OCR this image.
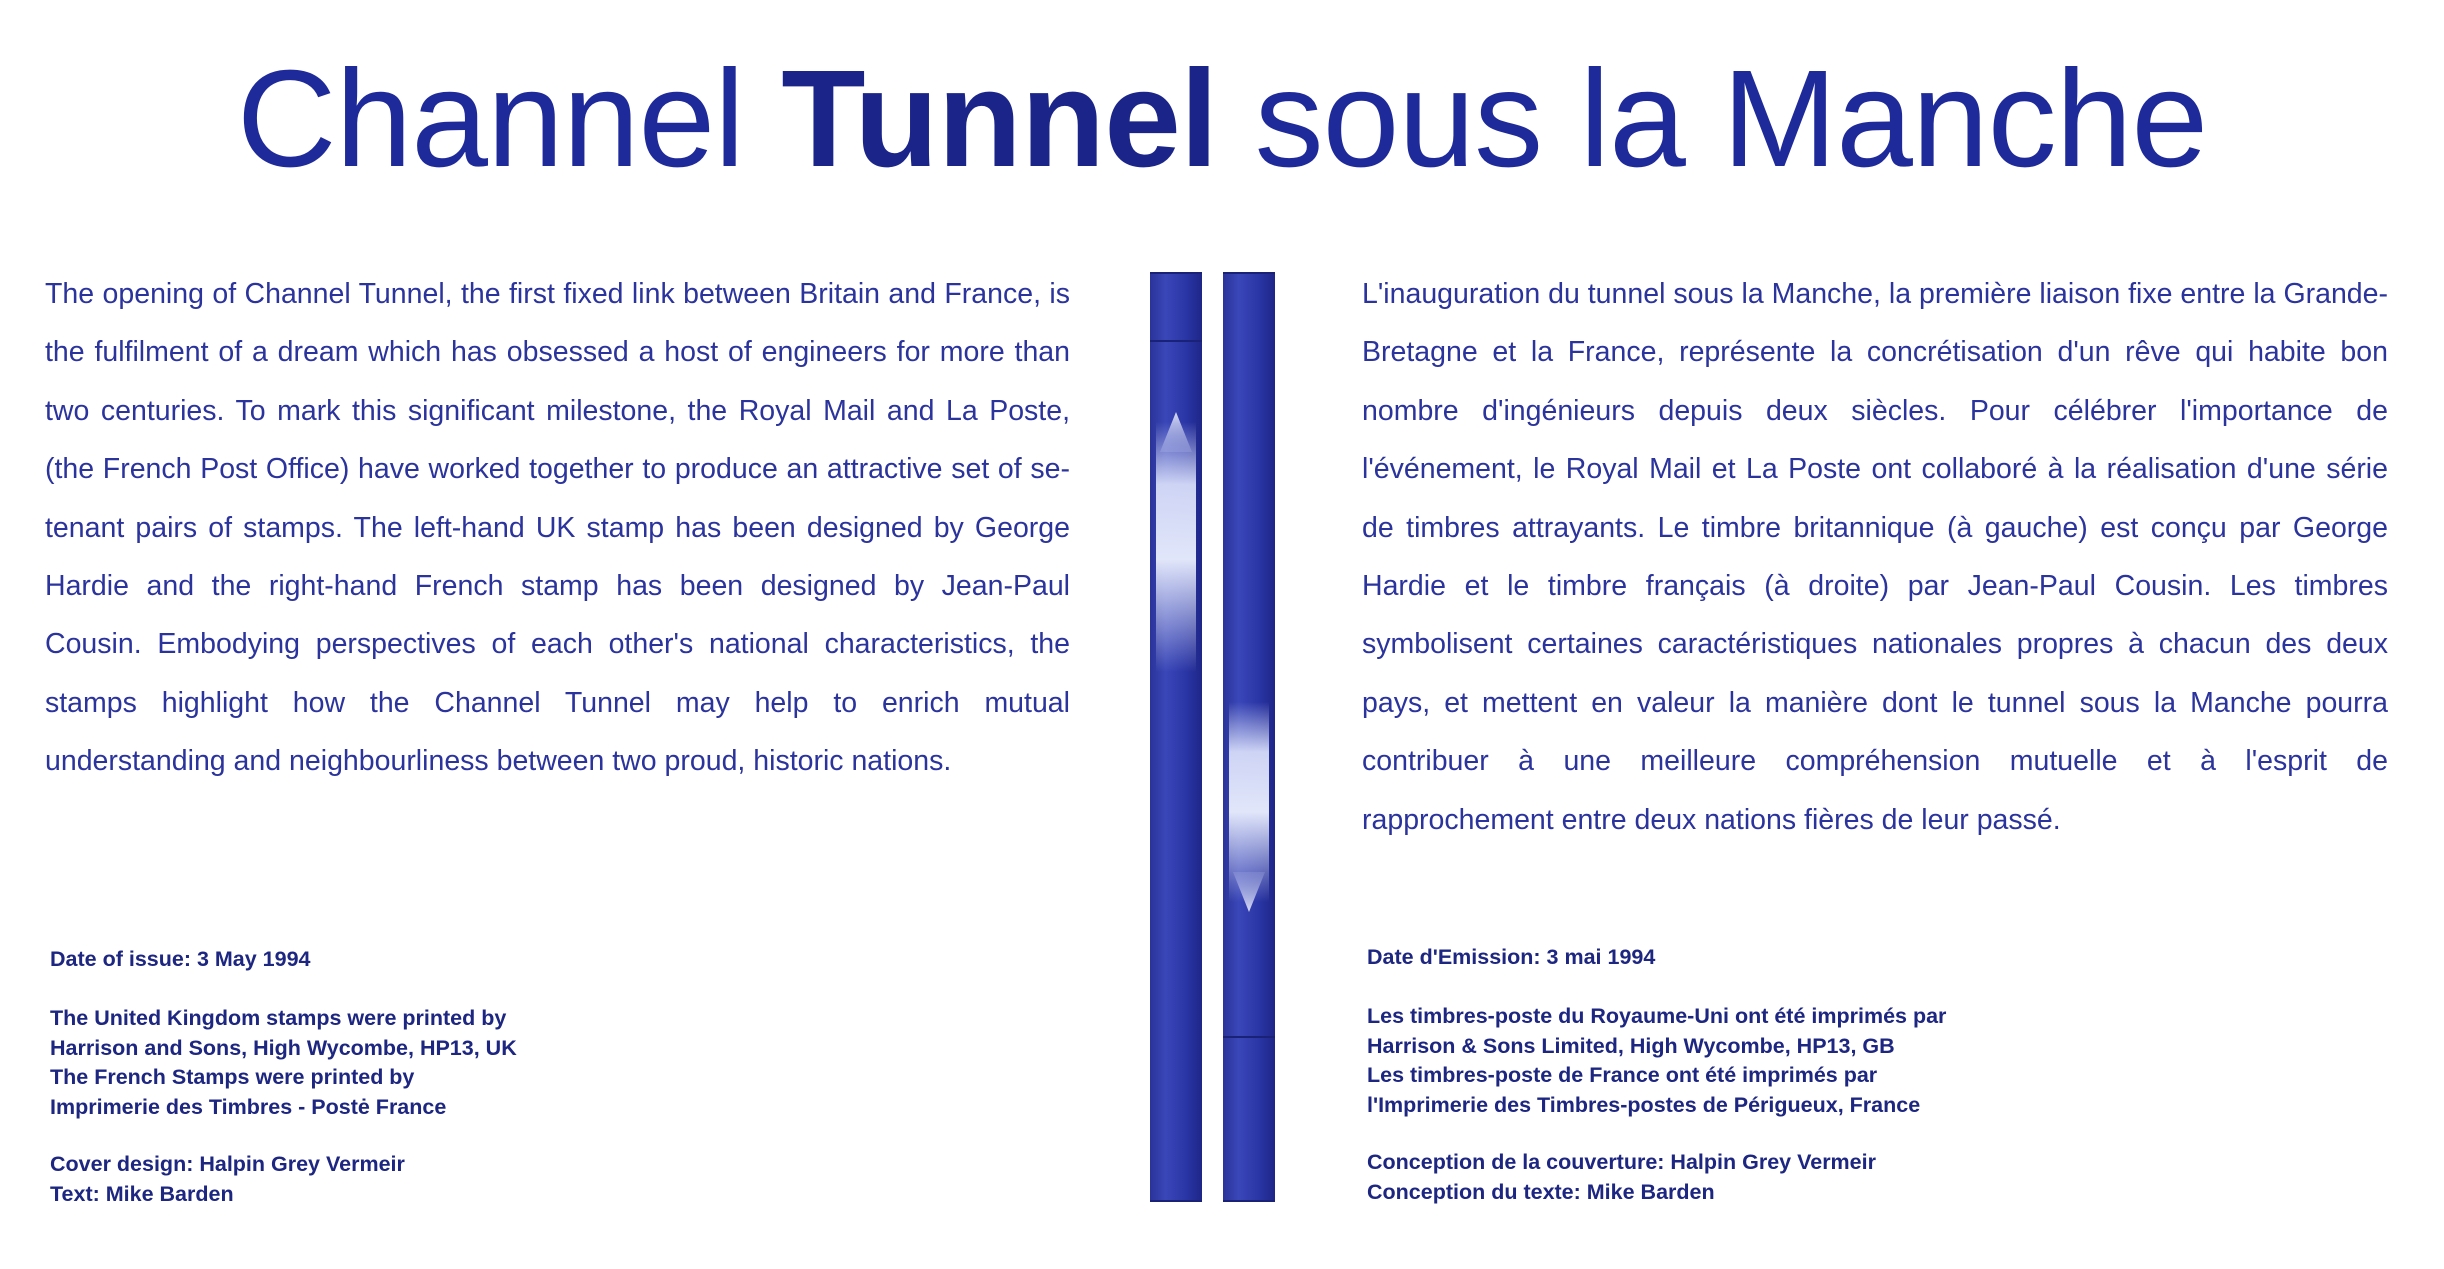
Channel Tunnel sous la Manche

The opening of Channel Tunnel, the first fixed link between Britain and France, is the fulfilment of a dream which has obsessed a host of engineers for more than two centuries. To mark this significant milestone, the Royal Mail and La Poste, (the French Post Office) have worked together to produce an attractive set of se-tenant pairs of stamps. The left-hand UK stamp has been designed by George Hardie and the right-hand French stamp has been designed by Jean-Paul Cousin. Embodying perspectives of each other's national characteristics, the stamps highlight how the Channel Tunnel may help to enrich mutual understanding and neighbourliness between two proud, historic nations.

L'inauguration du tunnel sous la Manche, la première liaison fixe entre la Grande-Bretagne et la France, représente la concrétisation d'un rêve qui habite bon nombre d'ingénieurs depuis deux siècles. Pour célébrer l'importance de l'événement, le Royal Mail et La Poste ont collaboré à la réalisation d'une série de timbres attrayants. Le timbre britannique (à gauche) est conçu par George Hardie et le timbre français (à droite) par Jean-Paul Cousin. Les timbres symbolisent certaines caractéristiques nationales propres à chacun des deux pays, et mettent en valeur la manière dont le tunnel sous la Manche pourra contribuer à une meilleure compréhension mutuelle et à l'esprit de rapprochement entre deux nations fières de leur passé.

Date of issue: 3 May 1994
The United Kingdom stamps were printed by
Harrison and Sons, High Wycombe, HP13, UK
The French Stamps were printed by
Imprimerie des Timbres - Postė France
Cover design: Halpin Grey Vermeir
Text: Mike Barden
Date d'Emission: 3 mai 1994
Les timbres-poste du Royaume-Uni ont été imprimés par
Harrison & Sons Limited, High Wycombe, HP13, GB
Les timbres-poste de France ont été imprimés par
l'Imprimerie des Timbres-postes de Périgueux, France
Conception de la couverture: Halpin Grey Vermeir
Conception du texte: Mike Barden
